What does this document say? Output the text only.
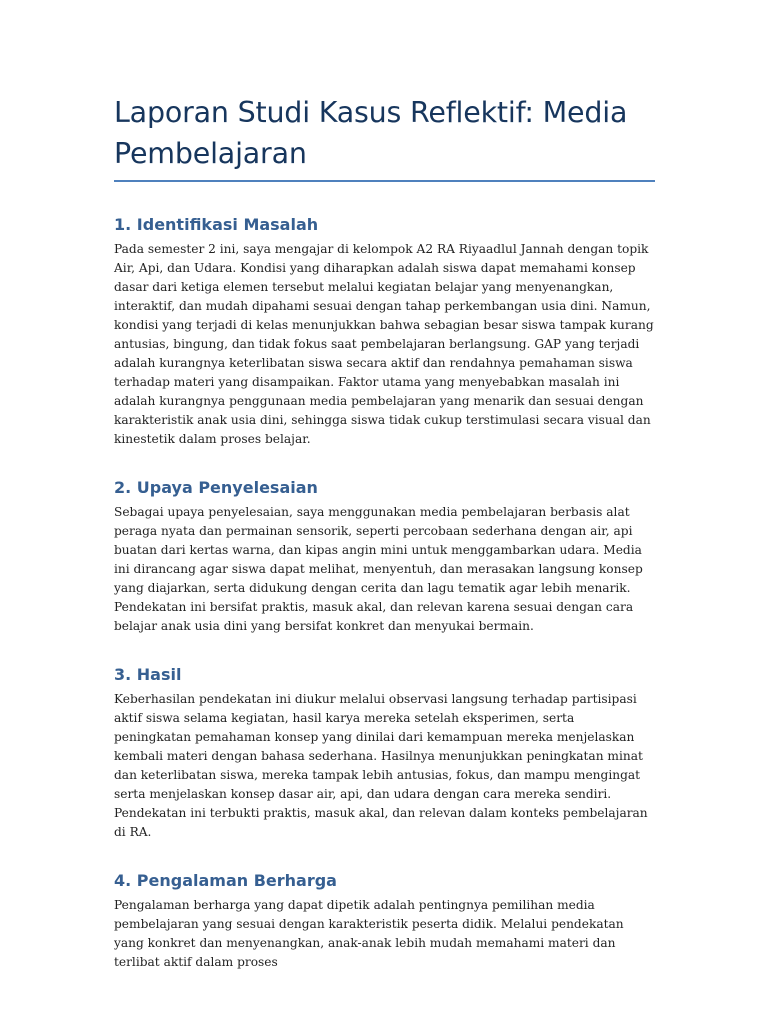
Laporan Studi Kasus Reflektif: Media Pembelajaran
1. Identifikasi Masalah

Pada semester 2 ini, saya mengajar di kelompok A2 RA Riyaadlul Jannah dengan topik Air, Api, dan Udara. Kondisi yang diharapkan adalah siswa dapat memahami konsep dasar dari ketiga elemen tersebut melalui kegiatan belajar yang menyenangkan, interaktif, dan mudah dipahami sesuai dengan tahap perkembangan usia dini. Namun, kondisi yang terjadi di kelas menunjukkan bahwa sebagian besar siswa tampak kurang antusias, bingung, dan tidak fokus saat pembelajaran berlangsung. GAP yang terjadi adalah kurangnya keterlibatan siswa secara aktif dan rendahnya pemahaman siswa terhadap materi yang disampaikan. Faktor utama yang menyebabkan masalah ini adalah kurangnya penggunaan media pembelajaran yang menarik dan sesuai dengan karakteristik anak usia dini, sehingga siswa tidak cukup terstimulasi secara visual dan kinestetik dalam proses belajar.

2. Upaya Penyelesaian

Sebagai upaya penyelesaian, saya menggunakan media pembelajaran berbasis alat peraga nyata dan permainan sensorik, seperti percobaan sederhana dengan air, api buatan dari kertas warna, dan kipas angin mini untuk menggambarkan udara. Media ini dirancang agar siswa dapat melihat, menyentuh, dan merasakan langsung konsep yang diajarkan, serta didukung dengan cerita dan lagu tematik agar lebih menarik. Pendekatan ini bersifat praktis, masuk akal, dan relevan karena sesuai dengan cara belajar anak usia dini yang bersifat konkret dan menyukai bermain.

3. Hasil

Keberhasilan pendekatan ini diukur melalui observasi langsung terhadap partisipasi aktif siswa selama kegiatan, hasil karya mereka setelah eksperimen, serta peningkatan pemahaman konsep yang dinilai dari kemampuan mereka menjelaskan kembali materi dengan bahasa sederhana. Hasilnya menunjukkan peningkatan minat dan keterlibatan siswa, mereka tampak lebih antusias, fokus, dan mampu mengingat serta menjelaskan konsep dasar air, api, dan udara dengan cara mereka sendiri. Pendekatan ini terbukti praktis, masuk akal, dan relevan dalam konteks pembelajaran di RA.

4. Pengalaman Berharga

Pengalaman berharga yang dapat dipetik adalah pentingnya pemilihan media pembelajaran yang sesuai dengan karakteristik peserta didik. Melalui pendekatan yang konkret dan menyenangkan, anak-anak lebih mudah memahami materi dan terlibat aktif dalam proses
